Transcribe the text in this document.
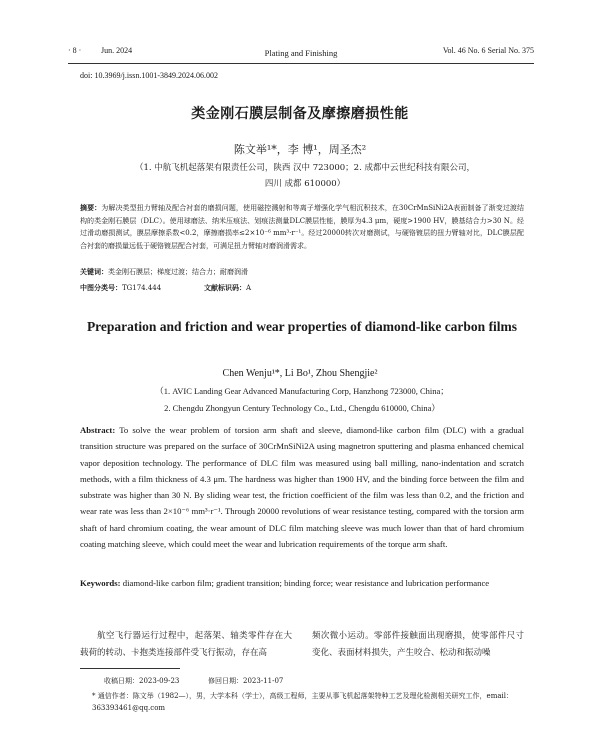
· 8 · Jun. 2024	Plating and Finishing	Vol. 46 No. 6 Serial No. 375
doi: 10.3969/j.issn.1001-3849.2024.06.002
类金刚石膜层制备及摩擦磨损性能
陈文举¹*，李 博¹，周圣杰²
（1. 中航飞机起落架有限责任公司，陕西 汉中 723000；2. 成都中云世纪科技有限公司，
四川 成都 610000）
摘要：为解决类型扭力臂轴及配合衬套的磨损问题，使用磁控溅射和等离子增强化学气相沉积技术，在30CrMnSiNi2A表面制备了渐变过渡结构的类金刚石膜层（DLC）。使用球磨法、纳米压痕法、划痕法测量DLC膜层性能，膜厚为4.3 μm，硬度>1900 HV，膜基结合力>30 N。经过滑动磨损测试，膜层摩擦系数<0.2，摩擦磨损率≤2×10⁻⁶ mm³·r⁻¹。经过20000转次对磨测试，与硬铬镀层的扭力臂轴对比，DLC膜层配合衬套的磨损量远低于硬铬镀层配合衬套，可满足扭力臂轴对磨润滑需求。
关键词：类金刚石膜层；梯度过渡；结合力；耐磨润滑
中图分类号：TG174.444	文献标识码：A
Preparation and friction and wear properties of diamond-like carbon films
Chen Wenju¹*, Li Bo¹, Zhou Shengjie²
（1. AVIC Landing Gear Advanced Manufacturing Corp, Hanzhong 723000, China；
2. Chengdu Zhongyun Century Technology Co., Ltd., Chengdu 610000, China）
Abstract: To solve the wear problem of torsion arm shaft and sleeve, diamond-like carbon film (DLC) with a gradual transition structure was prepared on the surface of 30CrMnSiNi2A using magnetron sputtering and plasma enhanced chemical vapor deposition technology. The performance of DLC film was measured using ball milling, nano-indentation and scratch methods, with a film thickness of 4.3 μm. The hardness was higher than 1900 HV, and the binding force between the film and substrate was higher than 30 N. By sliding wear test, the friction coefficient of the film was less than 0.2, and the friction and wear rate was less than 2×10⁻⁶ mm³·r⁻¹. Through 20000 revolutions of wear resistance testing, compared with the torsion arm shaft of hard chromium coating, the wear amount of DLC film matching sleeve was much lower than that of hard chromium coating matching sleeve, which could meet the wear and lubrication requirements of the torque arm shaft.
Keywords: diamond-like carbon film; gradient transition; binding force; wear resistance and lubrication performance
航空飞行器运行过程中，起落架、轴类零件存在大载荷的转动、卡抱类连接部件受飞行振动，存在高
频次微小运动。零部件接触面出现磨损，使零部件尺寸变化、表面材料损失，产生咬合、松动和振动噪
收稿日期：2023-09-23	修回日期：2023-11-07
* 通信作者：陈文举（1982—），男，大学本科（学士），高级工程师，主要从事飞机起落架特种工艺及理化检测相关研究工作，email：363393461@qq.com
